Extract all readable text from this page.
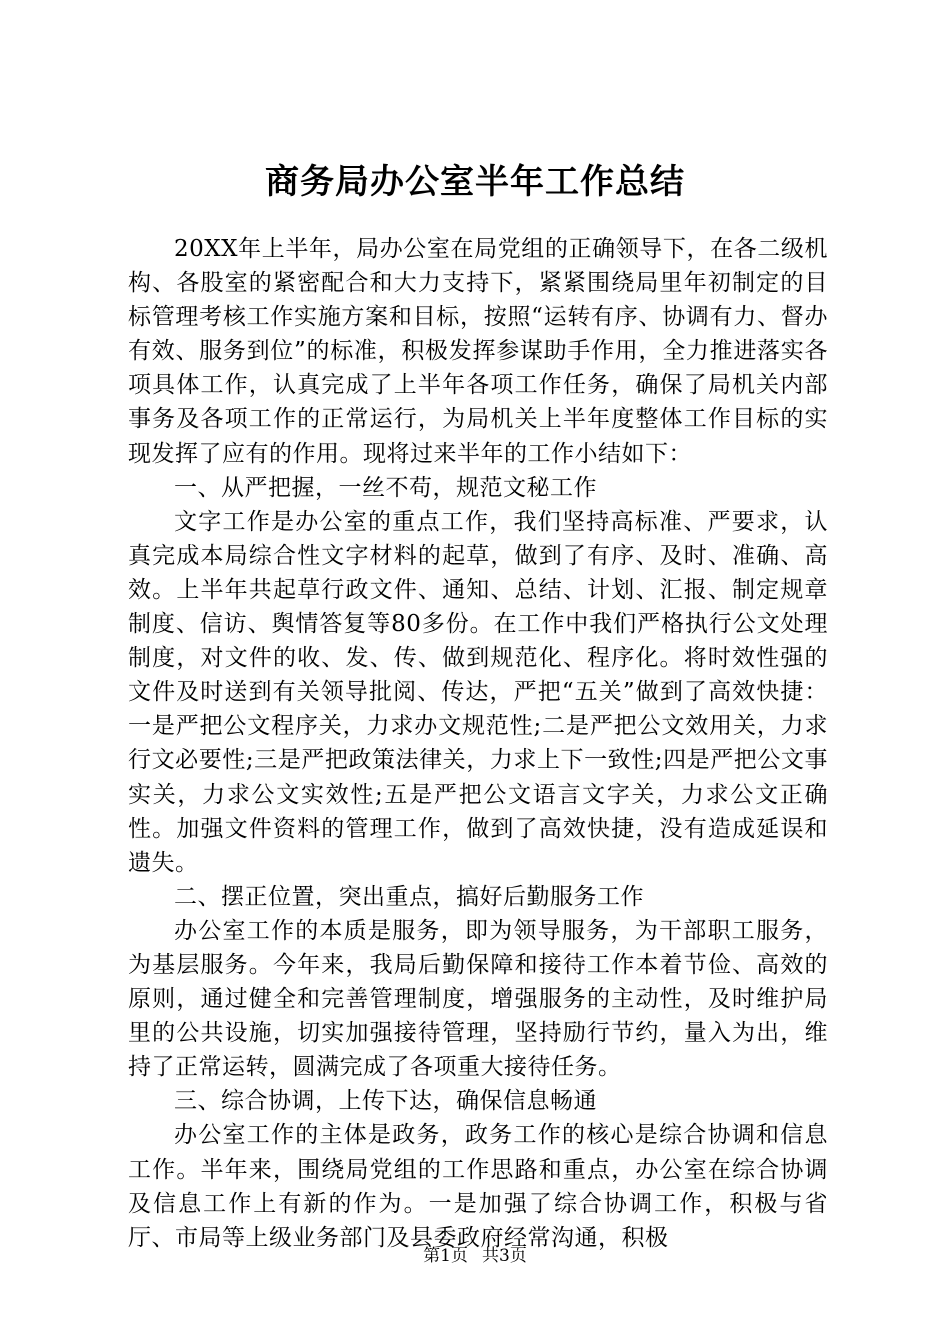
商务局办公室半年工作总结

20XX年上半年，局办公室在局党组的正确领导下，在各二级机构、各股室的紧密配合和大力支持下，紧紧围绕局里年初制定的目标管理考核工作实施方案和目标，按照“运转有序、协调有力、督办有效、服务到位”的标准，积极发挥参谋助手作用，全力推进落实各项具体工作，认真完成了上半年各项工作任务，确保了局机关内部事务及各项工作的正常运行，为局机关上半年度整体工作目标的实现发挥了应有的作用。现将过来半年的工作小结如下：

一、从严把握，一丝不苟，规范文秘工作

文字工作是办公室的重点工作，我们坚持高标准、严要求，认真完成本局综合性文字材料的起草，做到了有序、及时、准确、高效。上半年共起草行政文件、通知、总结、计划、汇报、制定规章制度、信访、舆情答复等80多份。在工作中我们严格执行公文处理制度，对文件的收、发、传、做到规范化、程序化。将时效性强的文件及时送到有关领导批阅、传达，严把“五关”做到了高效快捷：一是严把公文程序关，力求办文规范性;二是严把公文效用关，力求行文必要性;三是严把政策法律关，力求上下一致性;四是严把公文事实关，力求公文实效性;五是严把公文语言文字关，力求公文正确性。加强文件资料的管理工作，做到了高效快捷，没有造成延误和遗失。

二、摆正位置，突出重点，搞好后勤服务工作

办公室工作的本质是服务，即为领导服务，为干部职工服务，为基层服务。今年来，我局后勤保障和接待工作本着节俭、高效的原则，通过健全和完善管理制度，增强服务的主动性，及时维护局里的公共设施，切实加强接待管理，坚持励行节约，量入为出，维持了正常运转，圆满完成了各项重大接待任务。

三、综合协调，上传下达，确保信息畅通

办公室工作的主体是政务，政务工作的核心是综合协调和信息工作。半年来，围绕局党组的工作思路和重点，办公室在综合协调及信息工作上有新的作为。一是加强了综合协调工作，积极与省厅、市局等上级业务部门及县委政府经常沟通，积极

第1页 共3页
